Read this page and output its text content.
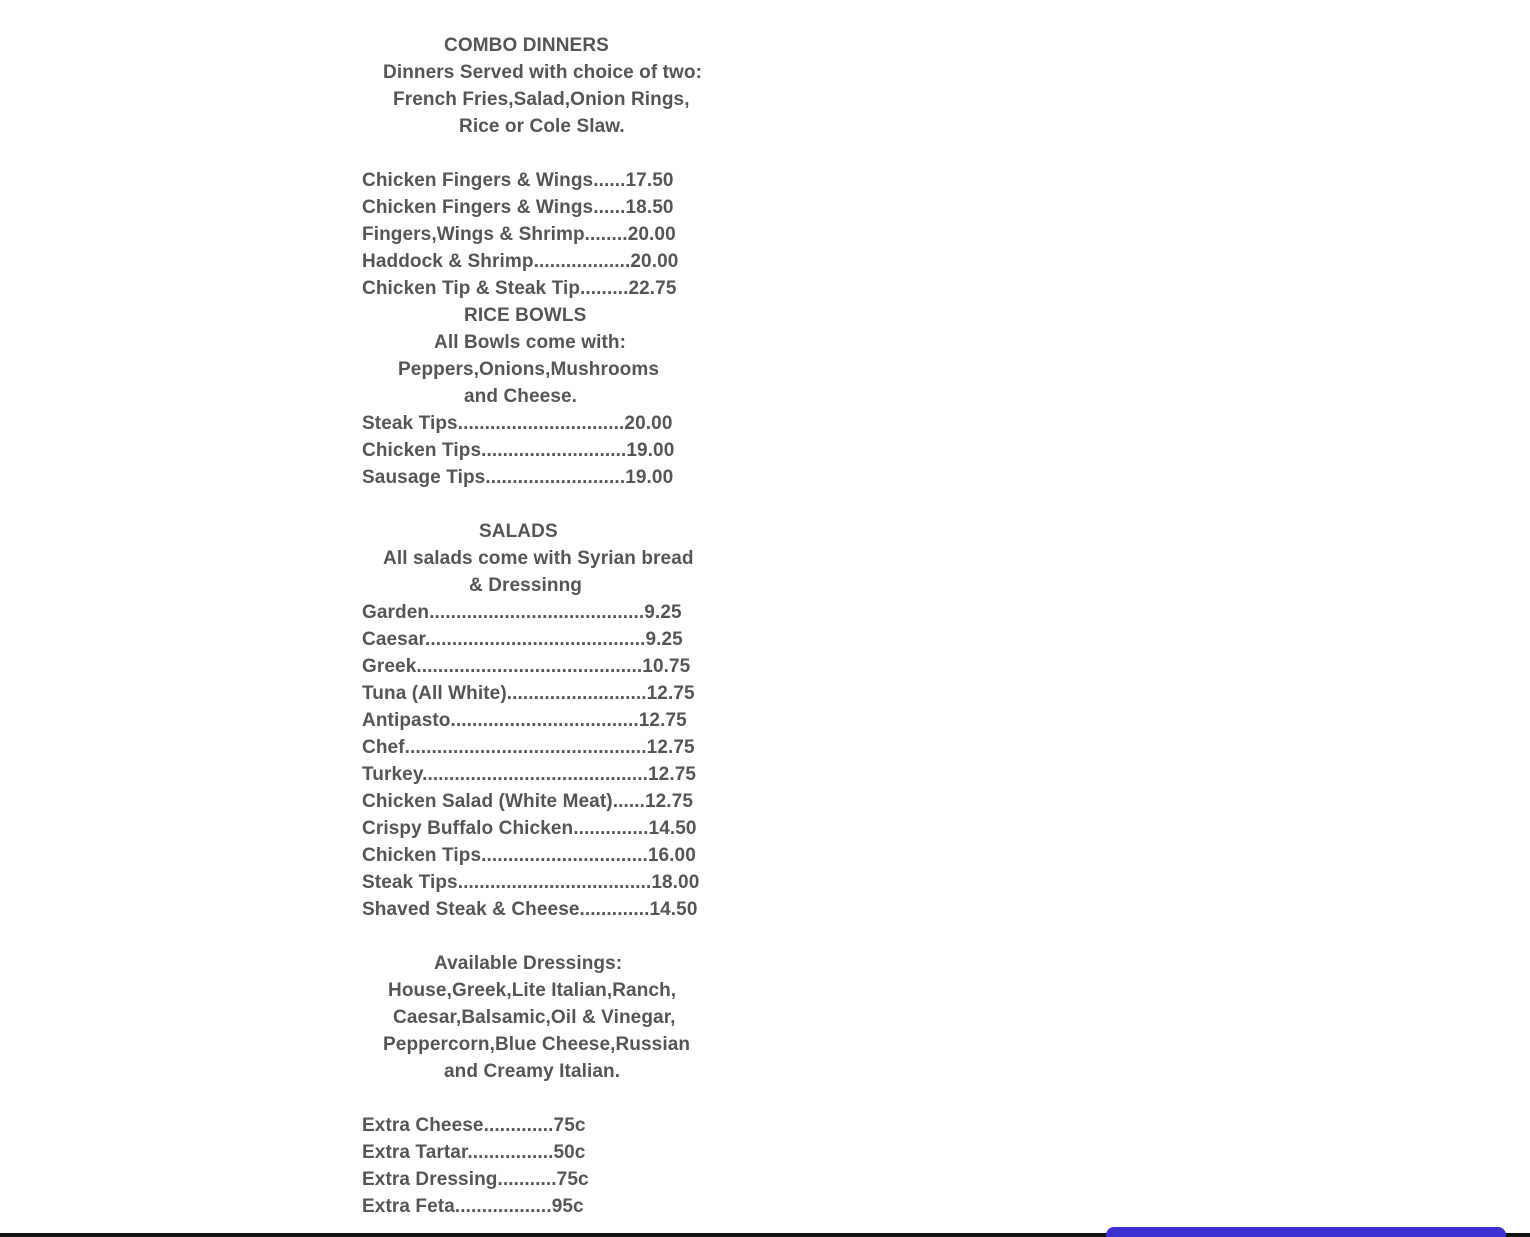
COMBO DINNERS
Dinners Served with choice of two:
French Fries,Salad,Onion Rings,
Rice or Cole Slaw.
Chicken Fingers & Wings......17.50
Chicken Fingers & Wings......18.50
Fingers,Wings & Shrimp........20.00
Haddock & Shrimp..................20.00
Chicken Tip & Steak Tip.........22.75
RICE BOWLS
All Bowls come with:
Peppers,Onions,Mushrooms
and Cheese.
Steak Tips...............................20.00
Chicken Tips...........................19.00
Sausage Tips..........................19.00
SALADS
All salads come with Syrian bread
& Dressinng
Garden........................................9.25
Caesar.........................................9.25
Greek..........................................10.75
Tuna (All White)..........................12.75
Antipasto...................................12.75
Chef.............................................12.75
Turkey..........................................12.75
Chicken Salad (White Meat)......12.75
Crispy Buffalo Chicken..............14.50
Chicken Tips...............................16.00
Steak Tips....................................18.00
Shaved Steak & Cheese.............14.50
Available Dressings:
House,Greek,Lite Italian,Ranch,
Caesar,Balsamic,Oil & Vinegar,
Peppercorn,Blue Cheese,Russian
and Creamy Italian.
Extra Cheese.............75c
Extra Tartar................50c
Extra Dressing...........75c
Extra Feta..................95c
